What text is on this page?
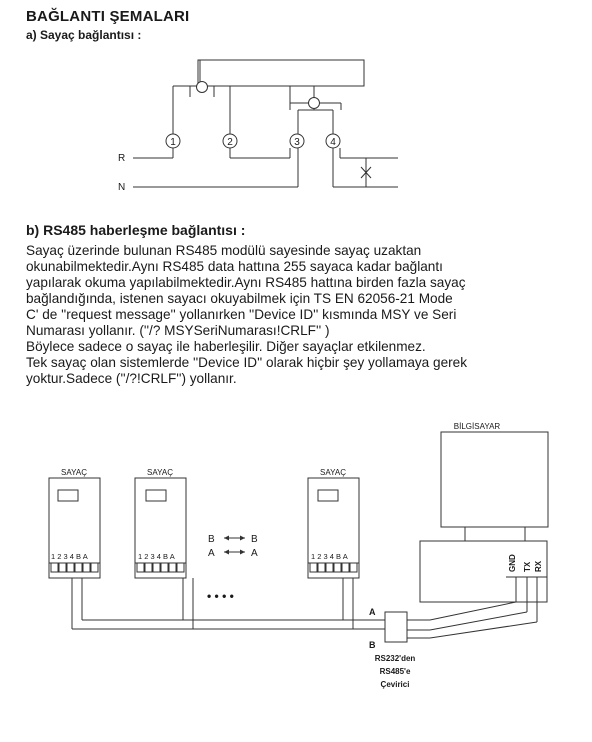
BAĞLANTI ŞEMALARI
a) Sayaç bağlantısı :
1	2	3	4
R
N
SAYAÇ	SAYAÇ	SAYAÇ
BİLGİSAYAR
1 2 3 4 B A	1 2 3 4 B A	1 2 3 4 B A
B	B
A	A
• • • •
GND TX RX
A
B
RS232'den
RS485'e
Çevirici
b) RS485 haberleşme bağlantısı :
Sayaç üzerinde bulunan RS485 modülü sayesinde sayaç uzaktan
okunabilmektedir.Aynı RS485 data hattına 255 sayaca kadar bağlantı
yapılarak okuma yapılabilmektedir.Aynı RS485 hattına birden fazla sayaç
bağlandığında, istenen sayacı okuyabilmek için TS EN 62056-21 Mode
C' de ''request message'' yollanırken ''Device ID'' kısmında MSY ve Seri
Numarası yollanır. (''/? MSYSeriNumarası!CRLF'' )
Böylece sadece o sayaç ile haberleşilir. Diğer sayaçlar etkilenmez.
Tek sayaç olan sistemlerde ''Device ID'' olarak hiçbir şey yollamaya gerek
yoktur.Sadece (''/?!CRLF'') yollanır.
